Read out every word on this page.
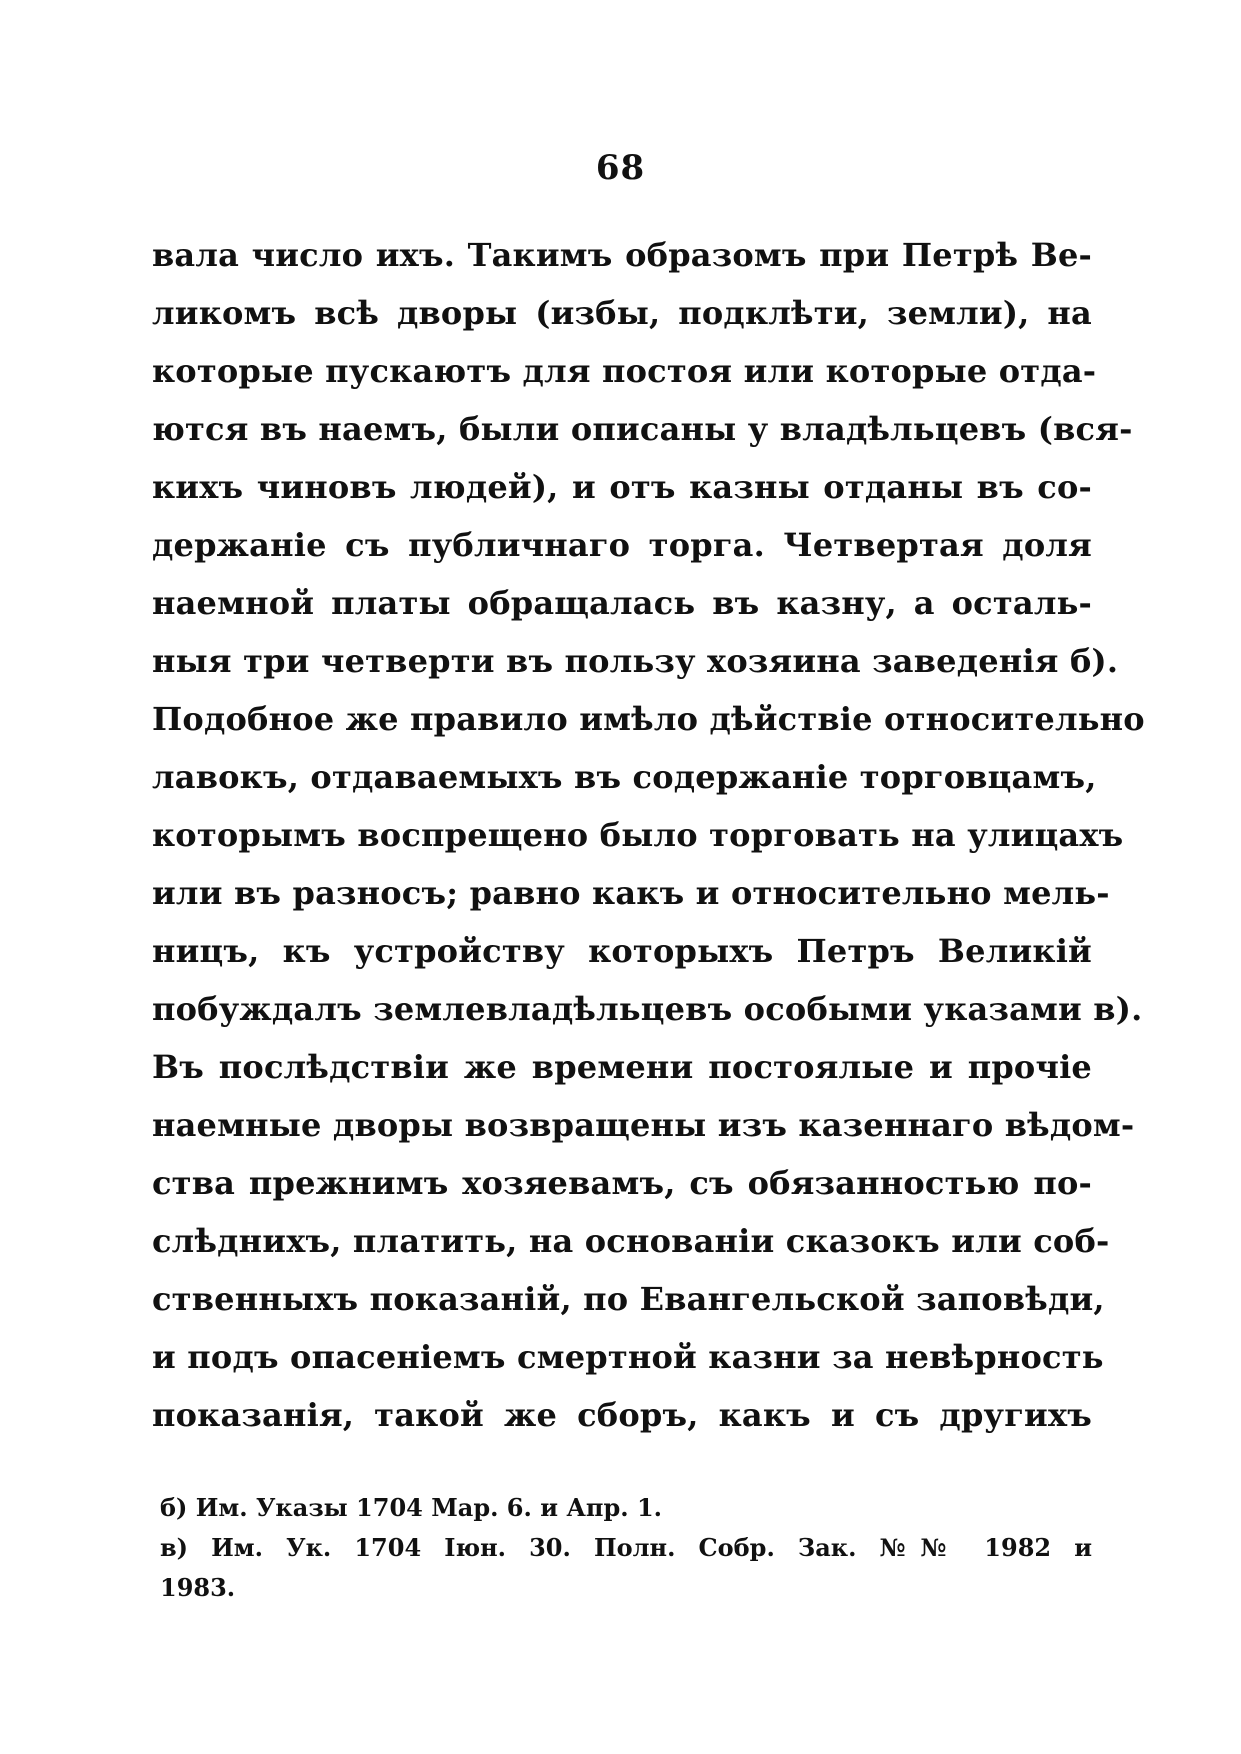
68
вала число ихъ. Такимъ образомъ при Петрѣ Ве-
ликомъ всѣ дворы (избы, подклѣти, земли), на
которые пускаютъ для постоя или которые отда-
ются въ наемъ, были описаны у владѣльцевъ (вся-
кихъ чиновъ людей), и отъ казны отданы въ со-
держаніе съ публичнаго торга. Четвертая доля
наемной платы обращалась въ казну, а осталь-
ныя три четверти въ пользу хозяина заведенія б).
Подобное же правило имѣло дѣйствіе относительно
лавокъ, отдаваемыхъ въ содержаніе торговцамъ,
которымъ воспрещено было торговать на улицахъ
или въ разносъ; равно какъ и относительно мель-
ницъ, къ устройству которыхъ Петръ Великій
побуждалъ землевладѣльцевъ особыми указами в).
Въ послѣдствіи же времени постоялые и прочіе
наемные дворы возвращены изъ казеннаго вѣдом-
ства прежнимъ хозяевамъ, съ обязанностью по-
слѣднихъ, платить, на основаніи сказокъ или соб-
ственныхъ показаній, по Евангельской заповѣди,
и подъ опасеніемъ смертной казни за невѣрность
показанія, такой же сборъ, какъ и съ другихъ
б) Им. Указы 1704 Мар. 6. и Апр. 1.
в) Им. Ук. 1704 Іюн. 30. Полн. Собр. Зак. №№ 1982 и
1983.
